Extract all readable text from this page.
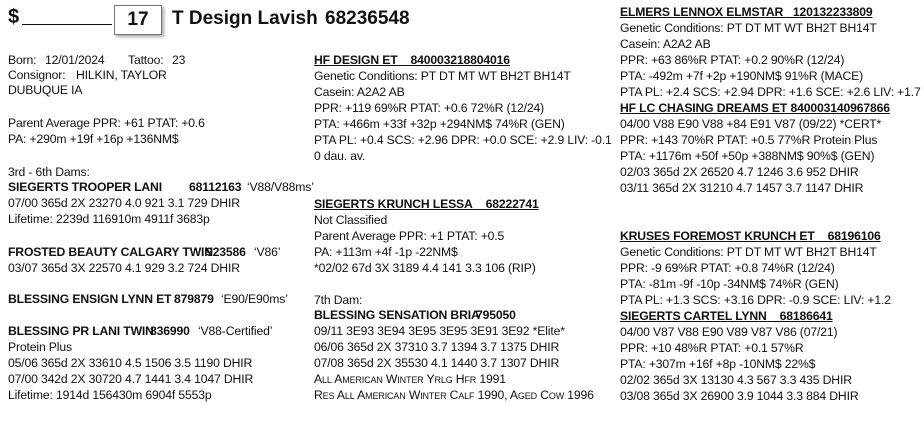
$	17	T Design Lavish 68236548
Born: 12/01/2024 Tattoo: 23
Consignor: HILKIN, TAYLOR
DUBUQUE IA
Parent Average PPR: +61 PTAT: +0.6
PA: +290m +19f +16p +136NM$
3rd - 6th Dams:
SIEGERTS TROOPER LANI 68112163 ‘V88/V88ms’
07/00 365d 2X 23270 4.0 921 3.1 729 DHIR
Lifetime: 2239d 116910m 4911f 3683p
FROSTED BEAUTY CALGARY TWIN
923586 ‘V86’
03/07 365d 3X 22570 4.1 929 3.2 724 DHIR
BLESSING ENSIGN LYNN ET 879879 ‘E90/E90ms’
BLESSING PR LANI TWIN
836990 ‘V88-Certified’
Protein Plus
05/06 365d 2X 33610 4.5 1506 3.5 1190 DHIR
07/00 342d 2X 30720 4.7 1441 3.4 1047 DHIR
Lifetime: 1914d 156430m 6904f 5553p
HF DESIGN ET 840003218804016
Genetic Conditions: PT DT MT WT BH2T BH14T
Casein: A2A2 AB
PPR: +119 69%R PTAT: +0.6 72%R (12/24)
PTA: +466m +33f +32p +294NM$ 74%R (GEN)
PTA PL: +0.4 SCS: +2.96 DPR: +0.0 SCE: +2.9 LIV: -0.1
0 dau. av.
SIEGERTS KRUNCH LESSA 68222741
Not Classified
Parent Average PPR: +1 PTAT: +0.5
PA: +113m +4f -1p -22NM$
*02/02 67d 3X 3189 4.4 141 3.3 106 (RIP)
7th Dam:
BLESSING SENSATION BRIA
795050
09/11 3E93 3E94 3E95 3E95 3E91 3E92 *Elite*
06/06 365d 2X 37310 3.7 1394 3.7 1375 DHIR
07/08 365d 2X 35530 4.1 1440 3.7 1307 DHIR
All American Winter Yrlg Hfr 1991
Res All American Winter Calf 1990, Aged Cow 1996
ELMERS LENNOX ELMSTAR 120132233809
Genetic Conditions: PT DT MT WT BH2T BH14T
Casein: A2A2 AB
PPR: +63 86%R PTAT: +0.2 90%R (12/24)
PTA: -492m +7f +2p +190NM$ 91%R (MACE)
PTA PL: +2.4 SCS: +2.94 DPR: +1.6 SCE: +2.6 LIV: +1.7
HF LC CHASING DREAMS ET 840003140967866
04/00 V88 E90 V88 +84 E91 V87 (09/22) *CERT*
PPR: +143 70%R PTAT: +0.5 77%R Protein Plus
PTA: +1176m +50f +50p +388NM$ 90%$ (GEN)
02/03 365d 2X 26520 4.7 1246 3.6 952 DHIR
03/11 365d 2X 31210 4.7 1457 3.7 1147 DHIR
KRUSES FOREMOST KRUNCH ET 68196106
Genetic Conditions: PT DT MT WT BH2T BH14T
PPR: -9 69%R PTAT: +0.8 74%R (12/24)
PTA: -81m -9f -10p -34NM$ 74%R (GEN)
PTA PL: +1.3 SCS: +3.16 DPR: -0.9 SCE: LIV: +1.2
SIEGERTS CARTEL LYNN 68186641
04/00 V87 V88 E90 V89 V87 V86 (07/21)
PPR: +10 48%R PTAT: +0.1 57%R
PTA: +307m +16f +8p -10NM$ 22%$
02/02 365d 3X 13130 4.3 567 3.3 435 DHIR
03/08 365d 3X 26900 3.9 1044 3.3 884 DHIR
